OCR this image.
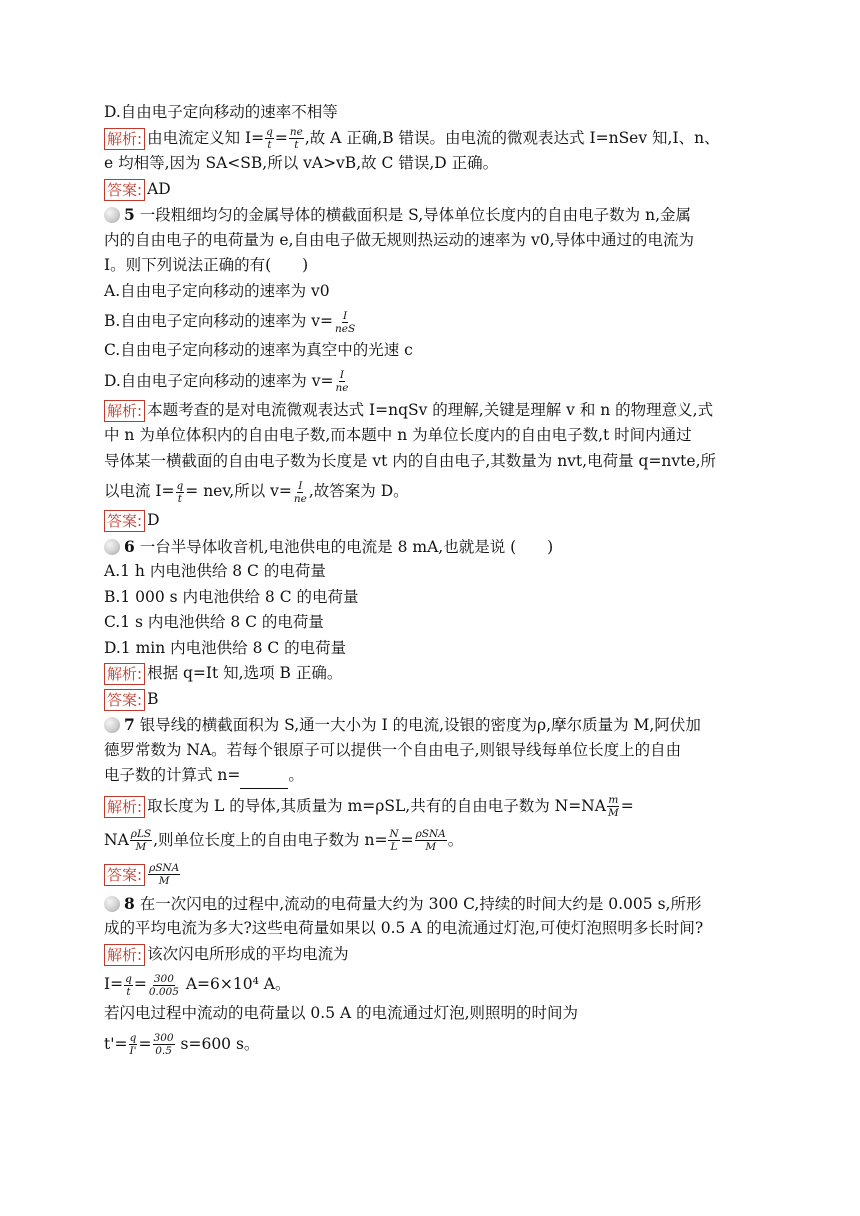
D.自由电子定向移动的速率不相等
解析: 由电流定义知 $I= \frac{q}{t} = \frac{ne}{t}$ ,故 A 正确,B 错误。由电流的微观表达式 I=nSev 知,I、n、
e 均相等,因为 SA<SB,所以 vA>vB,故 C 错误,D 正确。
答案: AD
5 一段粗细均匀的金属导体的横截面积是 S,导体单位长度内的自由电子数为 n,金属
内的自由电子的电荷量为 e,自由电子做无规则热运动的速率为 v0,导体中通过的电流为
I。则下列说法正确的有(　　)
A.自由电子定向移动的速率为 v0
B.自由电子定向移动的速率为 $v= \frac{I}{\text{neS}}$
C.自由电子定向移动的速率为真空中的光速 c
D.自由电子定向移动的速率为 $v= \frac{I}{ne}$
解析: 本题考查的是对电流微观表达式 I=nqSv 的理解,关键是理解 v 和 n 的物理意义,式
中 n 为单位体积内的自由电子数,而本题中 n 为单位长度内的自由电子数,t 时间内通过
导体某一横截面的自由电子数为长度是 vt 内的自由电子,其数量为 nvt,电荷量 q=nvte,所
以电流 $I= \frac{q}{t}$ = nev,所以 $v= \frac{I}{ne}$ ,故答案为 D。
答案: D
6 一台半导体收音机,电池供电的电流是 8 mA,也就是说 (　　)
A.1 h 内电池供给 8 C 的电荷量
B.1 000 s 内电池供给 8 C 的电荷量
C.1 s 内电池供给 8 C 的电荷量
D.1 min 内电池供给 8 C 的电荷量
解析: 根据 q=It 知,选项 B 正确。
答案: B
7 银导线的横截面积为 S,通一大小为 I 的电流,设银的密度为ρ,摩尔质量为 M,阿伏加
德罗常数为 NA。若每个银原子可以提供一个自由电子,则银导线每单位长度上的自由
电子数的计算式 n=	。
解析: 取长度为 L 的导体,其质量为 m=ρSL,共有的自由电子数为 $N=NA \frac{m}{M}$ =
NA $\frac{\text{ρLS}}{M}$ ,则单位长度上的自由电子数为 $n= \frac{N}{L} = \frac{\text{ρSNA}}{M}$ 。
答案: $\frac{\text{ρSNA}}{M}$
8 在一次闪电的过程中,流动的电荷量大约为 300 C,持续的时间大约是 0.005 s,所形
成的平均电流为多大?这些电荷量如果以 0.5 A 的电流通过灯泡,可使灯泡照明多长时间?
解析: 该次闪电所形成的平均电流为
$I= \frac{q}{t} = \frac{300}{0.005} A=6\times 10^4$ A。
若闪电过程中流动的电荷量以 0.5 A 的电流通过灯泡,则照明的时间为
$t'= \frac{q}{I'} = \frac{300}{0.5} s=600$ s。
